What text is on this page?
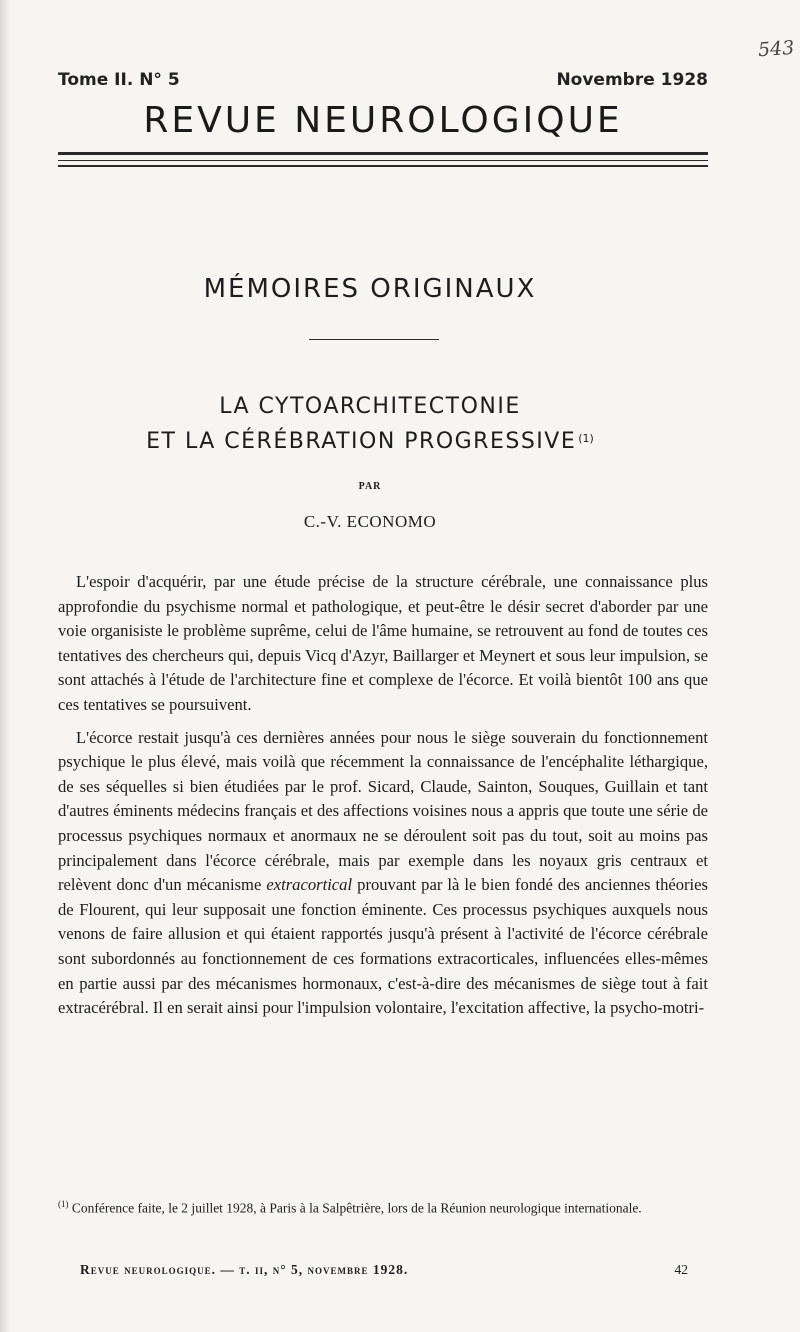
543
Tome II. N° 5	Novembre 1928
REVUE NEUROLOGIQUE
MÉMOIRES ORIGINAUX
LA CYTOARCHITECTONIE
ET LA CÉRÉBRATION PROGRESSIVE $^{(1)}$
PAR
C.-V. ECONOMO

L'espoir d'acquérir, par une étude précise de la structure cérébrale, une connaissance plus approfondie du psychisme normal et pathologique, et peut-être le désir secret d'aborder par une voie organisiste le problème suprême, celui de l'âme humaine, se retrouvent au fond de toutes ces tentatives des chercheurs qui, depuis Vicq d'Azyr, Baillarger et Meynert et sous leur impulsion, se sont attachés à l'étude de l'architecture fine et complexe de l'écorce. Et voilà bientôt 100 ans que ces tentatives se poursuivent.

L'écorce restait jusqu'à ces dernières années pour nous le siège souverain du fonctionnement psychique le plus élevé, mais voilà que récemment la connaissance de l'encéphalite léthargique, de ses séquelles si bien étudiées par le prof. Sicard, Claude, Sainton, Souques, Guillain et tant d'autres éminents médecins français et des affections voisines nous a appris que toute une série de processus psychiques normaux et anormaux ne se déroulent soit pas du tout, soit au moins pas principalement dans l'écorce cérébrale, mais par exemple dans les noyaux gris centraux et relèvent donc d'un mécanisme extracortical prouvant par là le bien fondé des anciennes théories de Flourent, qui leur supposait une fonction éminente. Ces processus psychiques auxquels nous venons de faire allusion et qui étaient rapportés jusqu'à présent à l'activité de l'écorce cérébrale sont subordonnés au fonctionnement de ces formations extracorticales, influencées elles-mêmes en partie aussi par des mécanismes hormonaux, c'est-à-dire des mécanismes de siège tout à fait extracérébral. Il en serait ainsi pour l'impulsion volontaire, l'excitation affective, la psycho-motri-

$^{(1)}$ Conférence faite, le 2 juillet 1928, à Paris à la Salpêtrière, lors de la Réunion neurologique internationale.
Revue neurologique. — t. ii, n° 5, novembre 1928.	42
